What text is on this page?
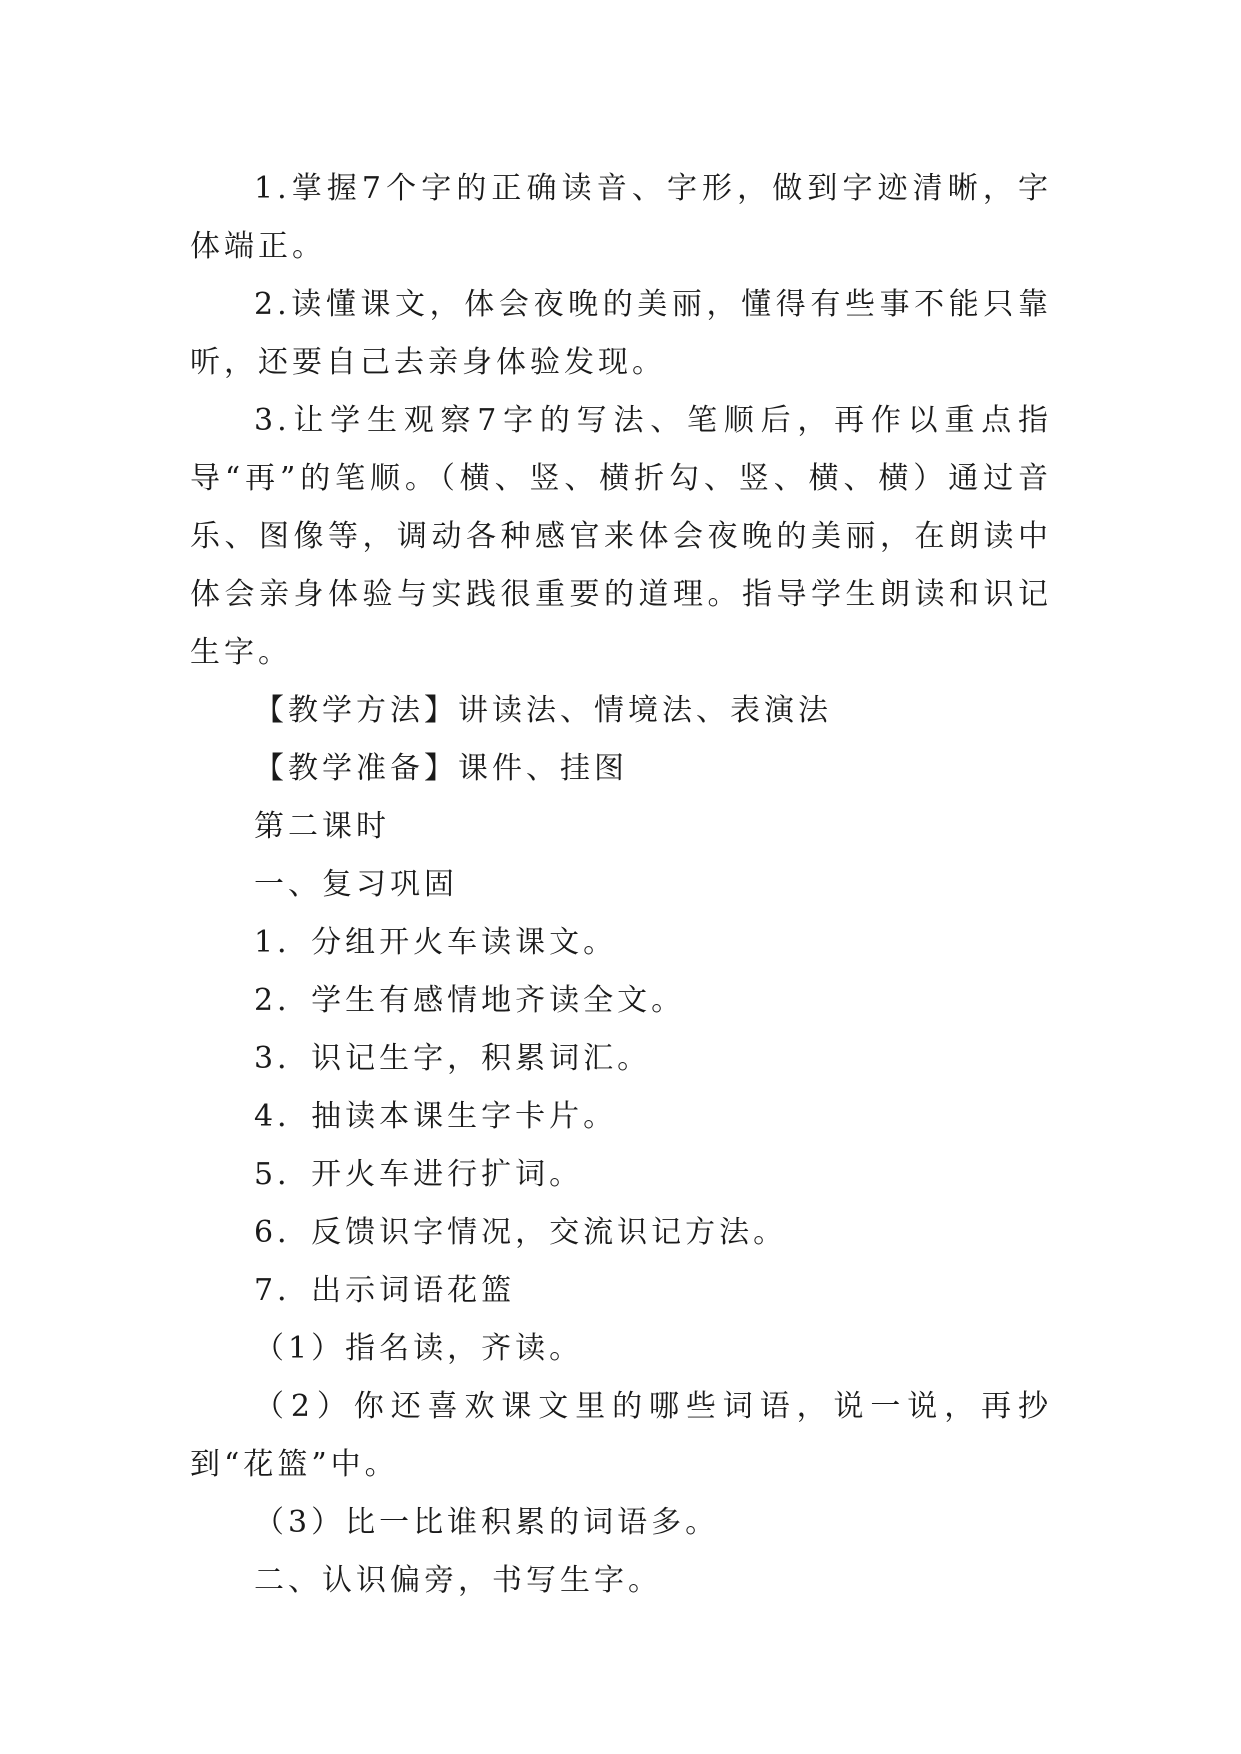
1.掌握7个字的正确读音、字形，做到字迹清晰，字体端正。

2.读懂课文，体会夜晚的美丽，懂得有些事不能只靠听，还要自己去亲身体验发现。

3.让学生观察7字的写法、笔顺后，再作以重点指导“再”的笔顺。（横、竖、横折勾、竖、横、横）通过音乐、图像等，调动各种感官来体会夜晚的美丽，在朗读中体会亲身体验与实践很重要的道理。指导学生朗读和识记生字。

【教学方法】讲读法、情境法、表演法

【教学准备】课件、挂图

第二课时

一、复习巩固

1．分组开火车读课文。

2．学生有感情地齐读全文。

3．识记生字，积累词汇。

4．抽读本课生字卡片。

5．开火车进行扩词。

6．反馈识字情况，交流识记方法。

7．出示词语花篮

（1）指名读，齐读。

（2）你还喜欢课文里的哪些词语，说一说，再抄到“花篮”中。

（3）比一比谁积累的词语多。

二、认识偏旁，书写生字。
